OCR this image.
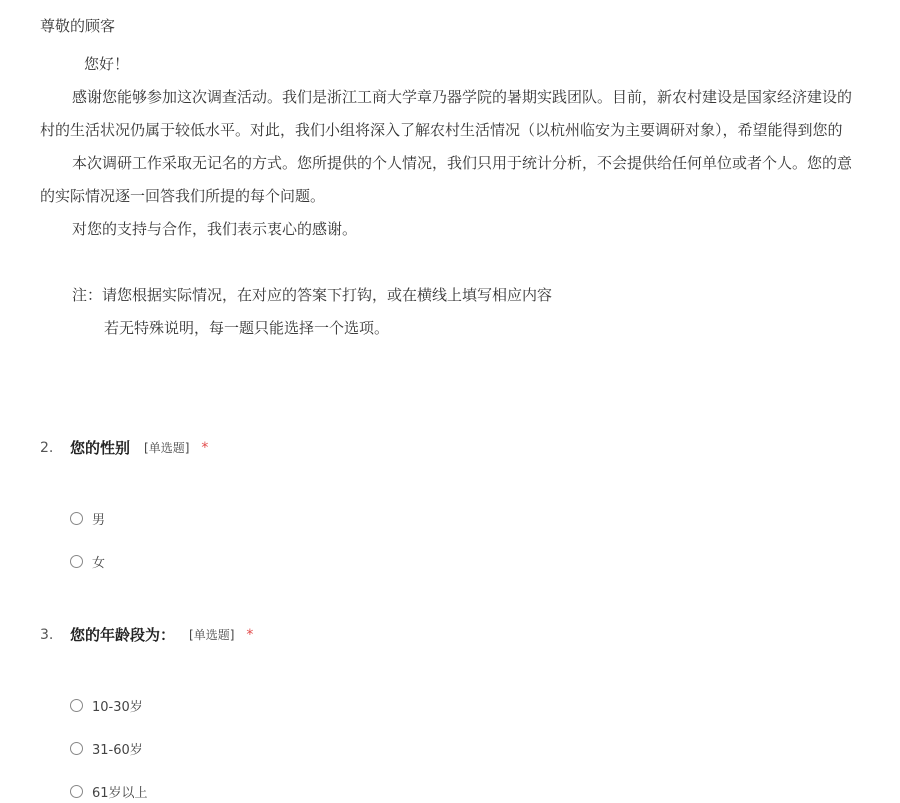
尊敬的顾客
您好！
感谢您能够参加这次调查活动。我们是浙江工商大学章乃器学院的暑期实践团队。目前，新农村建设是国家经济建设的
村的生活状况仍属于较低水平。对此，我们小组将深入了解农村生活情况（以杭州临安为主要调研对象），希望能得到您的
本次调研工作采取无记名的方式。您所提供的个人情况，我们只用于统计分析，不会提供给任何单位或者个人。您的意
的实际情况逐一回答我们所提的每个问题。
对您的支持与合作，我们表示衷心的感谢。
注：请您根据实际情况，在对应的答案下打钩，或在横线上填写相应内容
若无特殊说明，每一题只能选择一个选项。
2.	您的性别 [单选题] *
男
女
3.	您的年龄段为： [单选题] *
10-30岁
31-60岁
61岁以上
